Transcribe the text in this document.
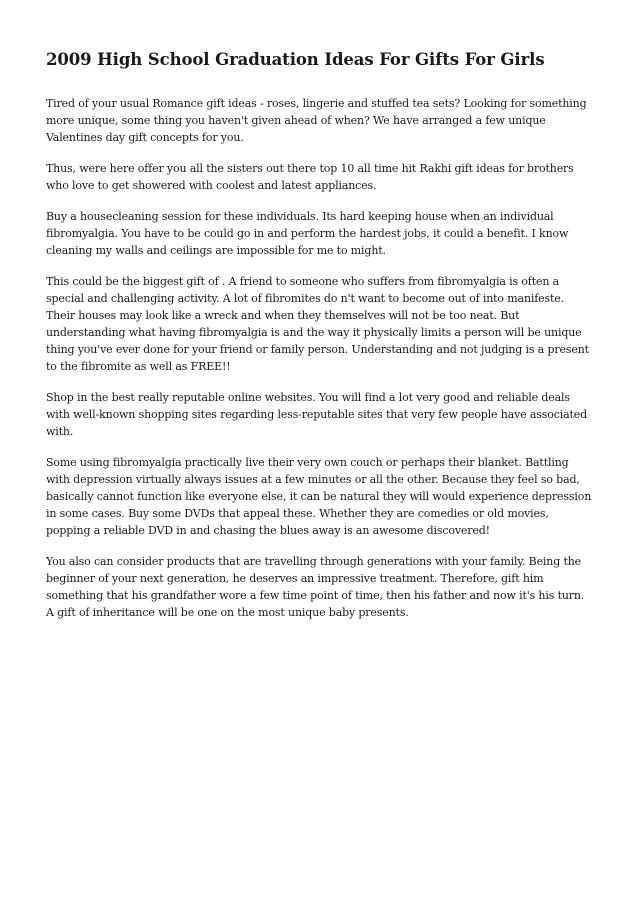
2009 High School Graduation Ideas For Gifts For Girls

Tired of your usual Romance gift ideas - roses, lingerie and stuffed tea sets? Looking for something more unique, some thing you haven't given ahead of when? We have arranged a few unique Valentines day gift concepts for you.

Thus, were here offer you all the sisters out there top 10 all time hit Rakhi gift ideas for brothers who love to get showered with coolest and latest appliances.

Buy a housecleaning session for these individuals. Its hard keeping house when an individual fibromyalgia. You have to be could go in and perform the hardest jobs, it could a benefit. I know cleaning my walls and ceilings are impossible for me to might.

This could be the biggest gift of . A friend to someone who suffers from fibromyalgia is often a special and challenging activity. A lot of fibromites do n't want to become out of into manifeste. Their houses may look like a wreck and when they themselves will not be too neat. But understanding what having fibromyalgia is and the way it physically limits a person will be unique thing you've ever done for your friend or family person. Understanding and not judging is a present to the fibromite as well as FREE!!

Shop in the best really reputable online websites. You will find a lot very good and reliable deals with well-known shopping sites regarding less-reputable sites that very few people have associated with.

Some using fibromyalgia practically live their very own couch or perhaps their blanket. Battling with depression virtually always issues at a few minutes or all the other. Because they feel so bad, basically cannot function like everyone else, it can be natural they will would experience depression in some cases. Buy some DVDs that appeal these. Whether they are comedies or old movies, popping a reliable DVD in and chasing the blues away is an awesome discovered!

You also can consider products that are travelling through generations with your family. Being the beginner of your next generation, he deserves an impressive treatment. Therefore, gift him something that his grandfather wore a few time point of time, then his father and now it's his turn. A gift of inheritance will be one on the most unique baby presents.
